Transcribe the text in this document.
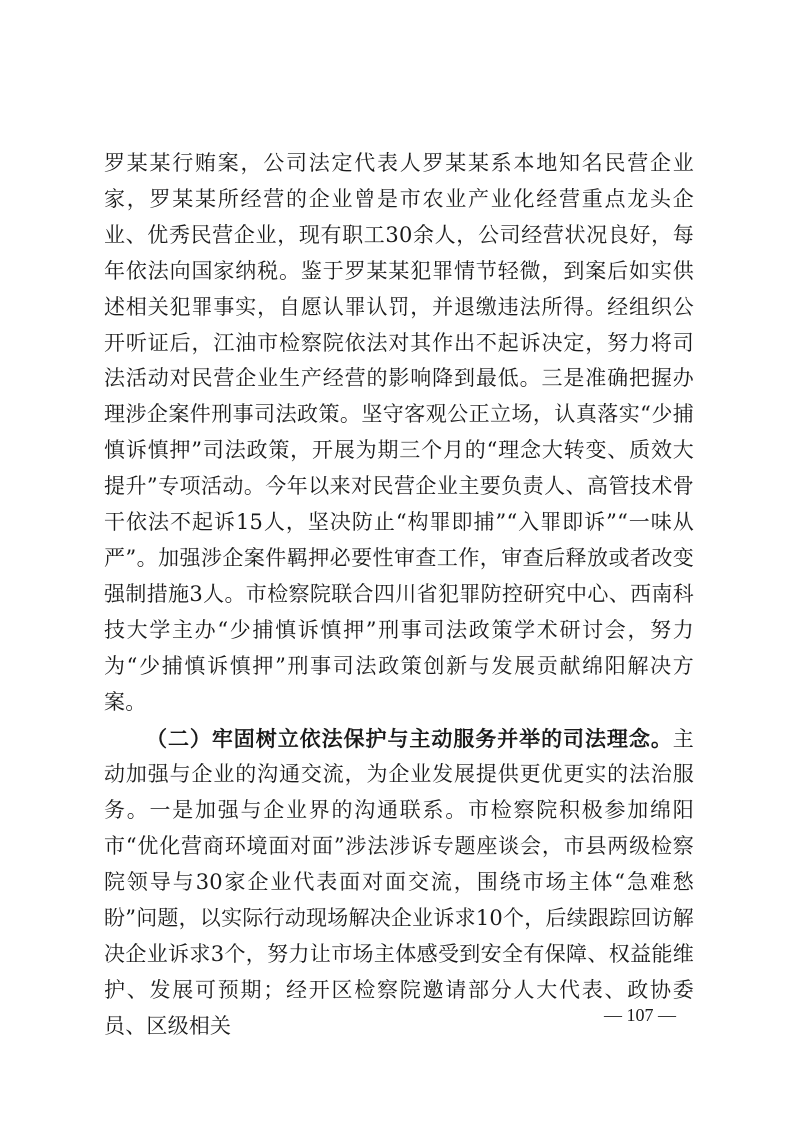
罗某某行贿案，公司法定代表人罗某某系本地知名民营企业家，罗某某所经营的企业曾是市农业产业化经营重点龙头企业、优秀民营企业，现有职工30余人，公司经营状况良好，每年依法向国家纳税。鉴于罗某某犯罪情节轻微，到案后如实供述相关犯罪事实，自愿认罪认罚，并退缴违法所得。经组织公开听证后，江油市检察院依法对其作出不起诉决定，努力将司法活动对民营企业生产经营的影响降到最低。三是准确把握办理涉企案件刑事司法政策。坚守客观公正立场，认真落实“少捕慎诉慎押”司法政策，开展为期三个月的“理念大转变、质效大提升”专项活动。今年以来对民营企业主要负责人、高管技术骨干依法不起诉15人，坚决防止“构罪即捕”“入罪即诉”“一味从严”。加强涉企案件羁押必要性审查工作，审查后释放或者改变强制措施3人。市检察院联合四川省犯罪防控研究中心、西南科技大学主办“少捕慎诉慎押”刑事司法政策学术研讨会，努力为“少捕慎诉慎押”刑事司法政策创新与发展贡献绵阳解决方案。

（二）牢固树立依法保护与主动服务并举的司法理念。主动加强与企业的沟通交流，为企业发展提供更优更实的法治服务。一是加强与企业界的沟通联系。市检察院积极参加绵阳市“优化营商环境面对面”涉法涉诉专题座谈会，市县两级检察院领导与30家企业代表面对面交流，围绕市场主体“急难愁盼”问题，以实际行动现场解决企业诉求10个，后续跟踪回访解决企业诉求3个，努力让市场主体感受到安全有保障、权益能维护、发展可预期；经开区检察院邀请部分人大代表、政协委员、区级相关	— 107 —
